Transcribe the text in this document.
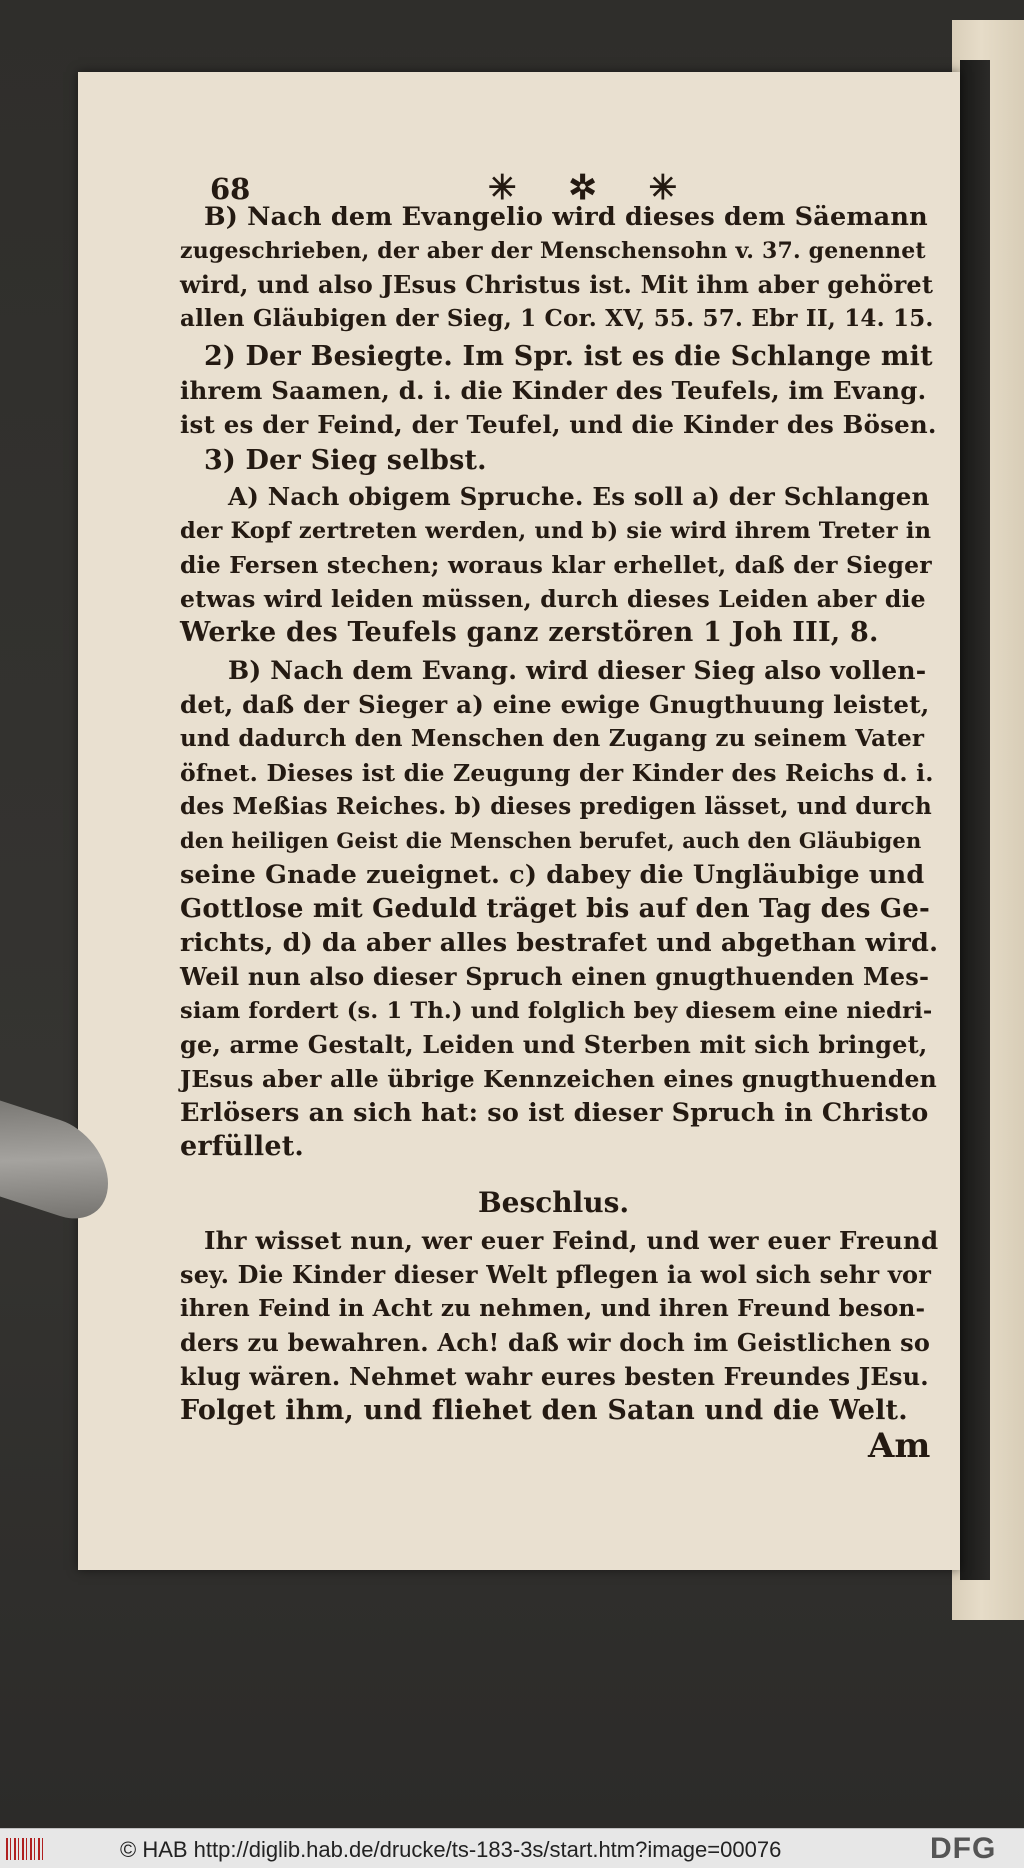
68	✳ ✲ ✳
B) Nach dem Evangelio wird dieses dem Säemann
zugeschrieben, der aber der Menschensohn v. 37. genennet
wird, und also JEsus Christus ist. Mit ihm aber gehöret
allen Gläubigen der Sieg, 1 Cor. XV, 55. 57. Ebr II, 14. 15.
2) Der Besiegte. Im Spr. ist es die Schlange mit
ihrem Saamen, d. i. die Kinder des Teufels, im Evang.
ist es der Feind, der Teufel, und die Kinder des Bösen.
3) Der Sieg selbst.
A) Nach obigem Spruche. Es soll a) der Schlangen
der Kopf zertreten werden, und b) sie wird ihrem Treter in
die Fersen stechen; woraus klar erhellet, daß der Sieger
etwas wird leiden müssen, durch dieses Leiden aber die
Werke des Teufels ganz zerstören 1 Joh III, 8.
B) Nach dem Evang. wird dieser Sieg also vollen-
det, daß der Sieger a) eine ewige Gnugthuung leistet,
und dadurch den Menschen den Zugang zu seinem Vater
öfnet. Dieses ist die Zeugung der Kinder des Reichs d. i.
des Meßias Reiches. b) dieses predigen lässet, und durch
den heiligen Geist die Menschen berufet, auch den Gläubigen
seine Gnade zueignet. c) dabey die Ungläubige und
Gottlose mit Geduld träget bis auf den Tag des Ge-
richts, d) da aber alles bestrafet und abgethan wird.
Weil nun also dieser Spruch einen gnugthuenden Mes-
siam fordert (s. 1 Th.) und folglich bey diesem eine niedri-
ge, arme Gestalt, Leiden und Sterben mit sich bringet,
JEsus aber alle übrige Kennzeichen eines gnugthuenden
Erlösers an sich hat: so ist dieser Spruch in Christo
erfüllet.
Beschlus.
Ihr wisset nun, wer euer Feind, und wer euer Freund
sey. Die Kinder dieser Welt pflegen ia wol sich sehr vor
ihren Feind in Acht zu nehmen, und ihren Freund beson-
ders zu bewahren. Ach! daß wir doch im Geistlichen so
klug wären. Nehmet wahr eures besten Freundes JEsu.
Folget ihm, und fliehet den Satan und die Welt.
Am
© HAB http://diglib.hab.de/drucke/ts-183-3s/start.htm?image=00076	DFG
